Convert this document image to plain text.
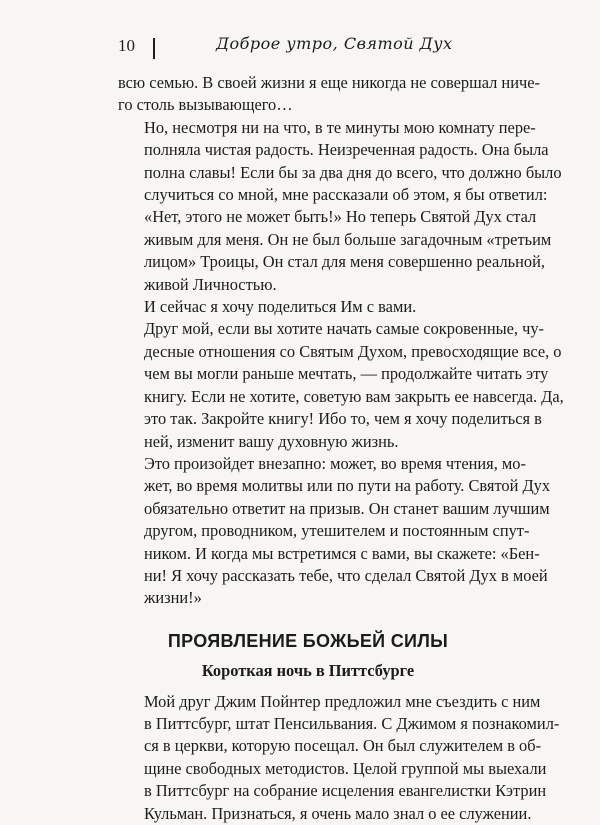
10	Доброе утро, Святой Дух

всю семью. В своей жизни я еще никогда не совершал ниче-
го столь вызывающего…

Но, несмотря ни на что, в те минуты мою комнату пере-
полняла чистая радость. Неизреченная радость. Она была
полна славы! Если бы за два дня до всего, что должно было
случиться со мной, мне рассказали об этом, я бы ответил:
«Нет, этого не может быть!» Но теперь Святой Дух стал
живым для меня. Он не был больше загадочным «третьим
лицом» Троицы, Он стал для меня совершенно реальной,
живой Личностью.

И сейчас я хочу поделиться Им с вами.

Друг мой, если вы хотите начать самые сокровенные, чу-
десные отношения со Святым Духом, превосходящие все, о
чем вы могли раньше мечтать, — продолжайте читать эту
книгу. Если не хотите, советую вам закрыть ее навсегда. Да,
это так. Закройте книгу! Ибо то, чем я хочу поделиться в
ней, изменит вашу духовную жизнь.

Это произойдет внезапно: может, во время чтения, мо-
жет, во время молитвы или по пути на работу. Святой Дух
обязательно ответит на призыв. Он станет вашим лучшим
другом, проводником, утешителем и постоянным спут-
ником. И когда мы встретимся с вами, вы скажете: «Бен-
ни! Я хочу рассказать тебе, что сделал Святой Дух в моей
жизни!»

ПРОЯВЛЕНИЕ БОЖЬЕЙ СИЛЫ
Короткая ночь в Питтсбурге

Мой друг Джим Пойнтер предложил мне съездить с ним
в Питтсбург, штат Пенсильвания. С Джимом я познакомил-
ся в церкви, которую посещал. Он был служителем в об-
щине свободных методистов. Целой группой мы выехали
в Питтсбург на собрание исцеления евангелистки Кэтрин
Кульман. Признаться, я очень мало знал о ее служении.
